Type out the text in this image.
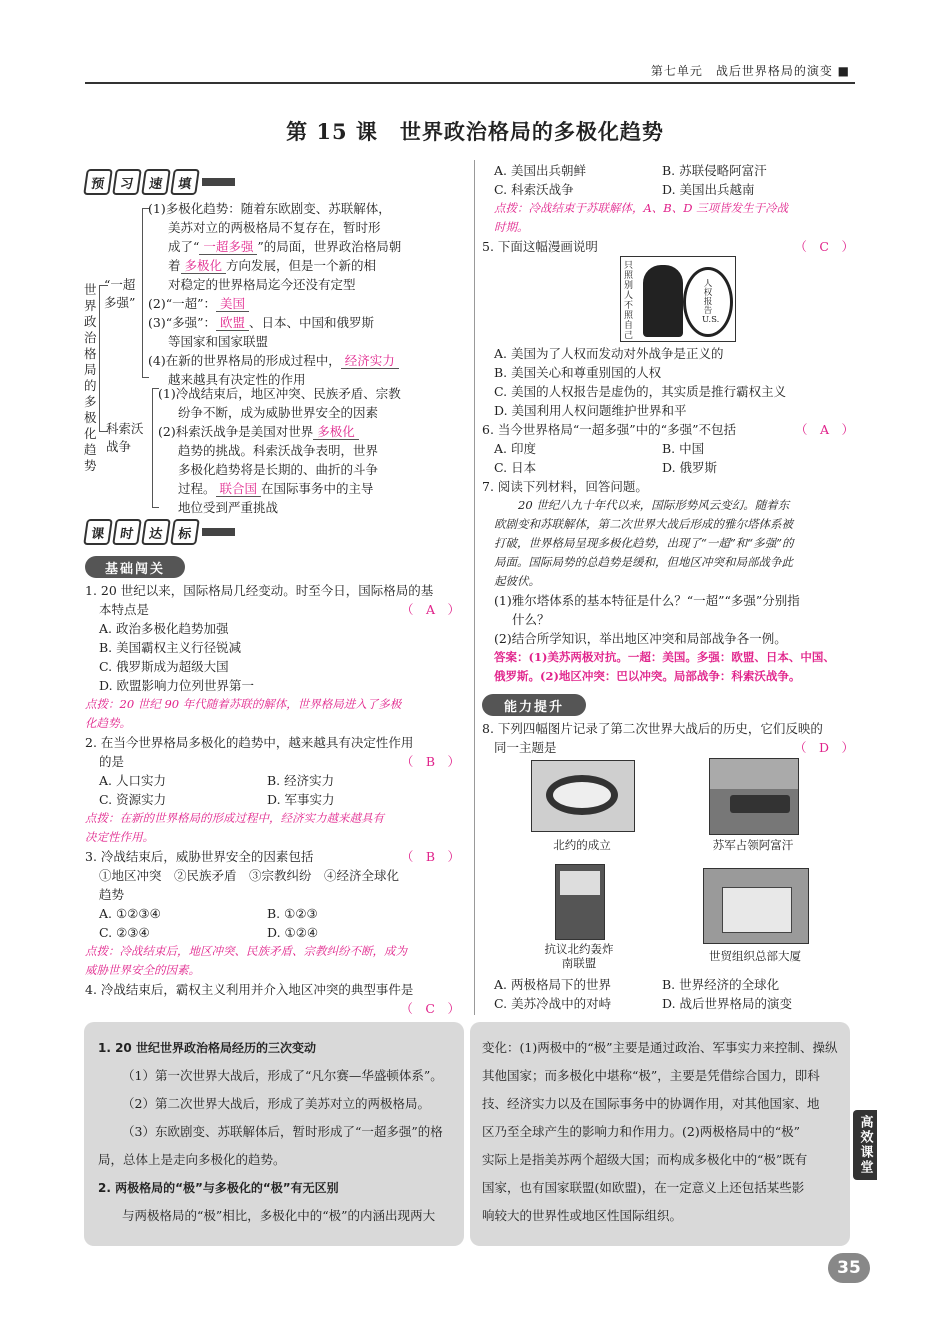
第七单元　战后世界格局的演变 ■
第 15 课　世界政治格局的多极化趋势
预	习	速	填
世界政治格局的多极化趋势
“一超多强”
科索沃战争
(1)多极化趋势：随着东欧剧变、苏联解体，
美苏对立的两极格局不复存在，暂时形
成了“ 一超多强 ”的局面，世界政治格局朝
着 多极化 方向发展，但是一个新的相
对稳定的世界格局迄今还没有定型
(2)“一超”： 美国
(3)“多强”： 欧盟 、日本、中国和俄罗斯
等国家和国家联盟
(4)在新的世界格局的形成过程中， 经济实力
越来越具有决定性的作用
(1)冷战结束后，地区冲突、民族矛盾、宗教
纷争不断，成为威胁世界安全的因素
(2)科索沃战争是美国对世界 多极化
趋势的挑战。科索沃战争表明，世界
多极化趋势将是长期的、曲折的斗争
过程。 联合国 在国际事务中的主导
地位受到严重挑战
课	时	达	标
基础闯关
1. 20 世纪以来，国际格局几经变动。时至今日，国际格局的基
本特点是	（　A　）
A. 政治多极化趋势加强
B. 美国霸权主义行径锐减
C. 俄罗斯成为超级大国
D. 欧盟影响力位列世界第一
点拨：20 世纪 90 年代随着苏联的解体，世界格局进入了多极
化趋势。
2. 在当今世界格局多极化的趋势中，越来越具有决定性作用
的是	（　B　）
A. 人口实力	B. 经济实力
C. 资源实力	D. 军事实力
点拨：在新的世界格局的形成过程中，经济实力越来越具有
决定性作用。
3. 冷战结束后，威胁世界安全的因素包括	（　B　）
①地区冲突　②民族矛盾　③宗教纠纷　④经济全球化
趋势
A. ①②③④	B. ①②③
C. ②③④	D. ①②④
点拨：冷战结束后，地区冲突、民族矛盾、宗教纠纷不断，成为
威胁世界安全的因素。
4. 冷战结束后，霸权主义利用并介入地区冲突的典型事件是
（　C　）
A. 美国出兵朝鲜	B. 苏联侵略阿富汗
C. 科索沃战争	D. 美国出兵越南
点拨：冷战结束于苏联解体，A、B、D 三项皆发生于冷战
时期。
5. 下面这幅漫画说明	（　C　）
只照别人不照自己
人权报告 U.S.
A. 美国为了人权而发动对外战争是正义的
B. 美国关心和尊重别国的人权
C. 美国的人权报告是虚伪的，其实质是推行霸权主义
D. 美国利用人权问题维护世界和平
6. 当今世界格局“一超多强”中的“多强”不包括	（　A　）
A. 印度	B. 中国
C. 日本	D. 俄罗斯
7. 阅读下列材料，回答问题。
20 世纪八九十年代以来，国际形势风云变幻。随着东
欧剧变和苏联解体，第二次世界大战后形成的雅尔塔体系被
打破，世界格局呈现多极化趋势，出现了“一超”和“多强”的
局面。国际局势的总趋势是缓和，但地区冲突和局部战争此
起彼伏。
(1)雅尔塔体系的基本特征是什么？“一超”“多强”分别指
什么？
(2)结合所学知识，举出地区冲突和局部战争各一例。
答案：(1)美苏两极对抗。一超：美国。多强：欧盟、日本、中国、
俄罗斯。(2)地区冲突：巴以冲突。局部战争：科索沃战争。
能力提升
8. 下列四幅图片记录了第二次世界大战后的历史，它们反映的
同一主题是	（　D　）
北约的成立	苏军占领阿富汗
抗议北约轰炸南联盟	世贸组织总部大厦
A. 两极格局下的世界	B. 世界经济的全球化
C. 美苏冷战中的对峙	D. 战后世界格局的演变
1. 20 世纪世界政治格局经历的三次变动
（1）第一次世界大战后，形成了“凡尔赛—华盛顿体系”。
（2）第二次世界大战后，形成了美苏对立的两极格局。
（3）东欧剧变、苏联解体后，暂时形成了“一超多强”的格
局，总体上是走向多极化的趋势。
2. 两极格局的“极”与多极化的“极”有无区别
与两极格局的“极”相比，多极化中的“极”的内涵出现两大
变化：(1)两极中的“极”主要是通过政治、军事实力来控制、操纵
其他国家；而多极化中堪称“极”，主要是凭借综合国力，即科
技、经济实力以及在国际事务中的协调作用，对其他国家、地
区乃至全球产生的影响力和作用力。(2)两极格局中的“极”
实际上是指美苏两个超级大国；而构成多极化中的“极”既有
国家，也有国家联盟(如欧盟)，在一定意义上还包括某些影
响较大的世界性或地区性国际组织。
高效课堂
35
